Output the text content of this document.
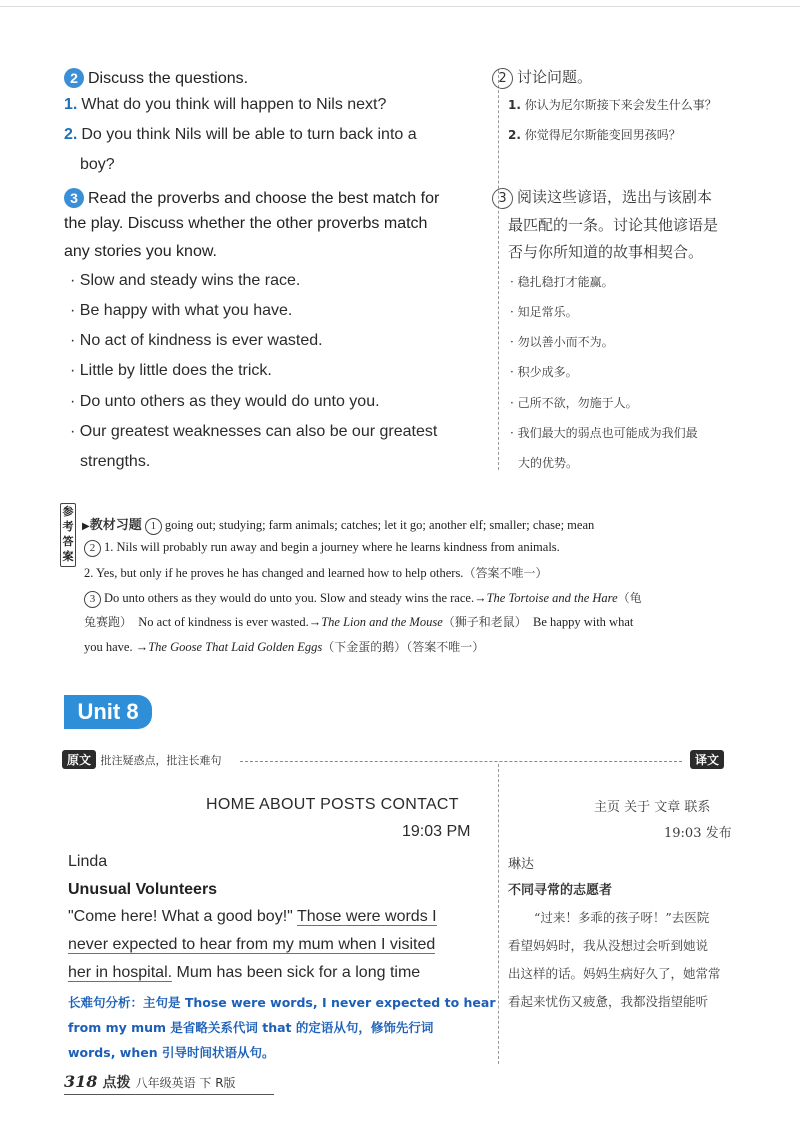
2 Discuss the questions.
1. What do you think will happen to Nils next?
2. Do you think Nils will be able to turn back into a
boy?
3 Read the proverbs and choose the best match for
the play. Discuss whether the other proverbs match
any stories you know.
· Slow and steady wins the race.
· Be happy with what you have.
· No act of kindness is ever wasted.
· Little by little does the trick.
· Do unto others as they would do unto you.
· Our greatest weaknesses can also be our greatest
strengths.
2 讨论问题。
1. 你认为尼尔斯接下来会发生什么事？
2. 你觉得尼尔斯能变回男孩吗？
3 阅读这些谚语，选出与该剧本
最匹配的一条。讨论其他谚语是
否与你所知道的故事相契合。
· 稳扎稳打才能赢。
· 知足常乐。
· 勿以善小而不为。
· 积少成多。
· 己所不欲，勿施于人。
· 我们最大的弱点也可能成为我们最
大的优势。
参考答案
▶教材习题 1 going out; studying; farm animals; catches; let it go; another elf; smaller; chase; mean
2 1. Nils will probably run away and begin a journey where he learns kindness from animals.
2. Yes, but only if he proves he has changed and learned how to help others.（答案不唯一）
3 Do unto others as they would do unto you. Slow and steady wins the race.→The Tortoise and the Hare（龟
兔赛跑） No act of kindness is ever wasted.→The Lion and the Mouse（狮子和老鼠） Be happy with what
you have. →The Goose That Laid Golden Eggs（下金蛋的鹅）（答案不唯一）
Unit 8
原文 批注疑惑点，批注长难句	译文
HOME ABOUT POSTS CONTACT
19:03 PM
Linda
Unusual Volunteers
"Come here! What a good boy!" Those were words I
never expected to hear from my mum when I visited
her in hospital. Mum has been sick for a long time
长难句分析：主句是 Those were words, I never expected to hear
from my mum 是省略关系代词 that 的定语从句，修饰先行词
words, when 引导时间状语从句。
主页 关于 文章 联系
19:03 发布
琳达
不同寻常的志愿者
“过来！多乖的孩子呀！”去医院
看望妈妈时，我从没想过会听到她说
出这样的话。妈妈生病好久了，她常常
看起来忧伤又疲惫，我都没指望能听
318 点拨 八年级英语 下 R版
